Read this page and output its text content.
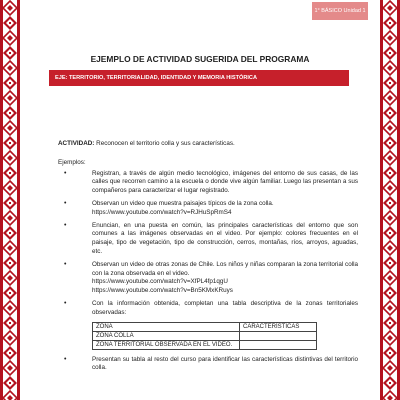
1° BÁSICO Unidad 1
EJEMPLO DE ACTIVIDAD SUGERIDA DEL PROGRAMA
EJE: TERRITORIO, TERRITORIALIDAD, IDENTIDAD Y MEMORIA HISTÓRICA

ACTIVIDAD: Reconocen el territorio colla y sus características.

Ejemplos:

• Registran, a través de algún medio tecnológico, imágenes del entorno de sus casas, de las calles que recorren camino a la escuela o donde vive algún familiar. Luego las presentan a sus compañeros para caracterizar el lugar registrado.
• Observan un video que muestra paisajes típicos de la zona colla.
https://www.youtube.com/watch?v=RJHuSpRmS4
• Enuncian, en una puesta en común, las principales características del entorno que son comunes a las imágenes observadas en el video. Por ejemplo: colores frecuentes en el paisaje, tipo de vegetación, tipo de construcción, cerros, montañas, ríos, arroyos, aguadas, etc.
• Observan un video de otras zonas de Chile. Los niños y niñas comparan la zona territorial colla con la zona observada en el video.
https://www.youtube.com/watch?v=XfPL4fp1qgU
https://www.youtube.com/watch?v=Bn5KMxKRuys
• Con la información obtenida, completan una tabla descriptiva de la zonas territoriales observadas:
ZONA	CARACTERÍSTICAS
ZONA COLLA	
ZONA TERRITORIAL OBSERVADA EN EL VIDEO.	
• Presentan su tabla al resto del curso para identificar las características distintivas del territorio colla.
